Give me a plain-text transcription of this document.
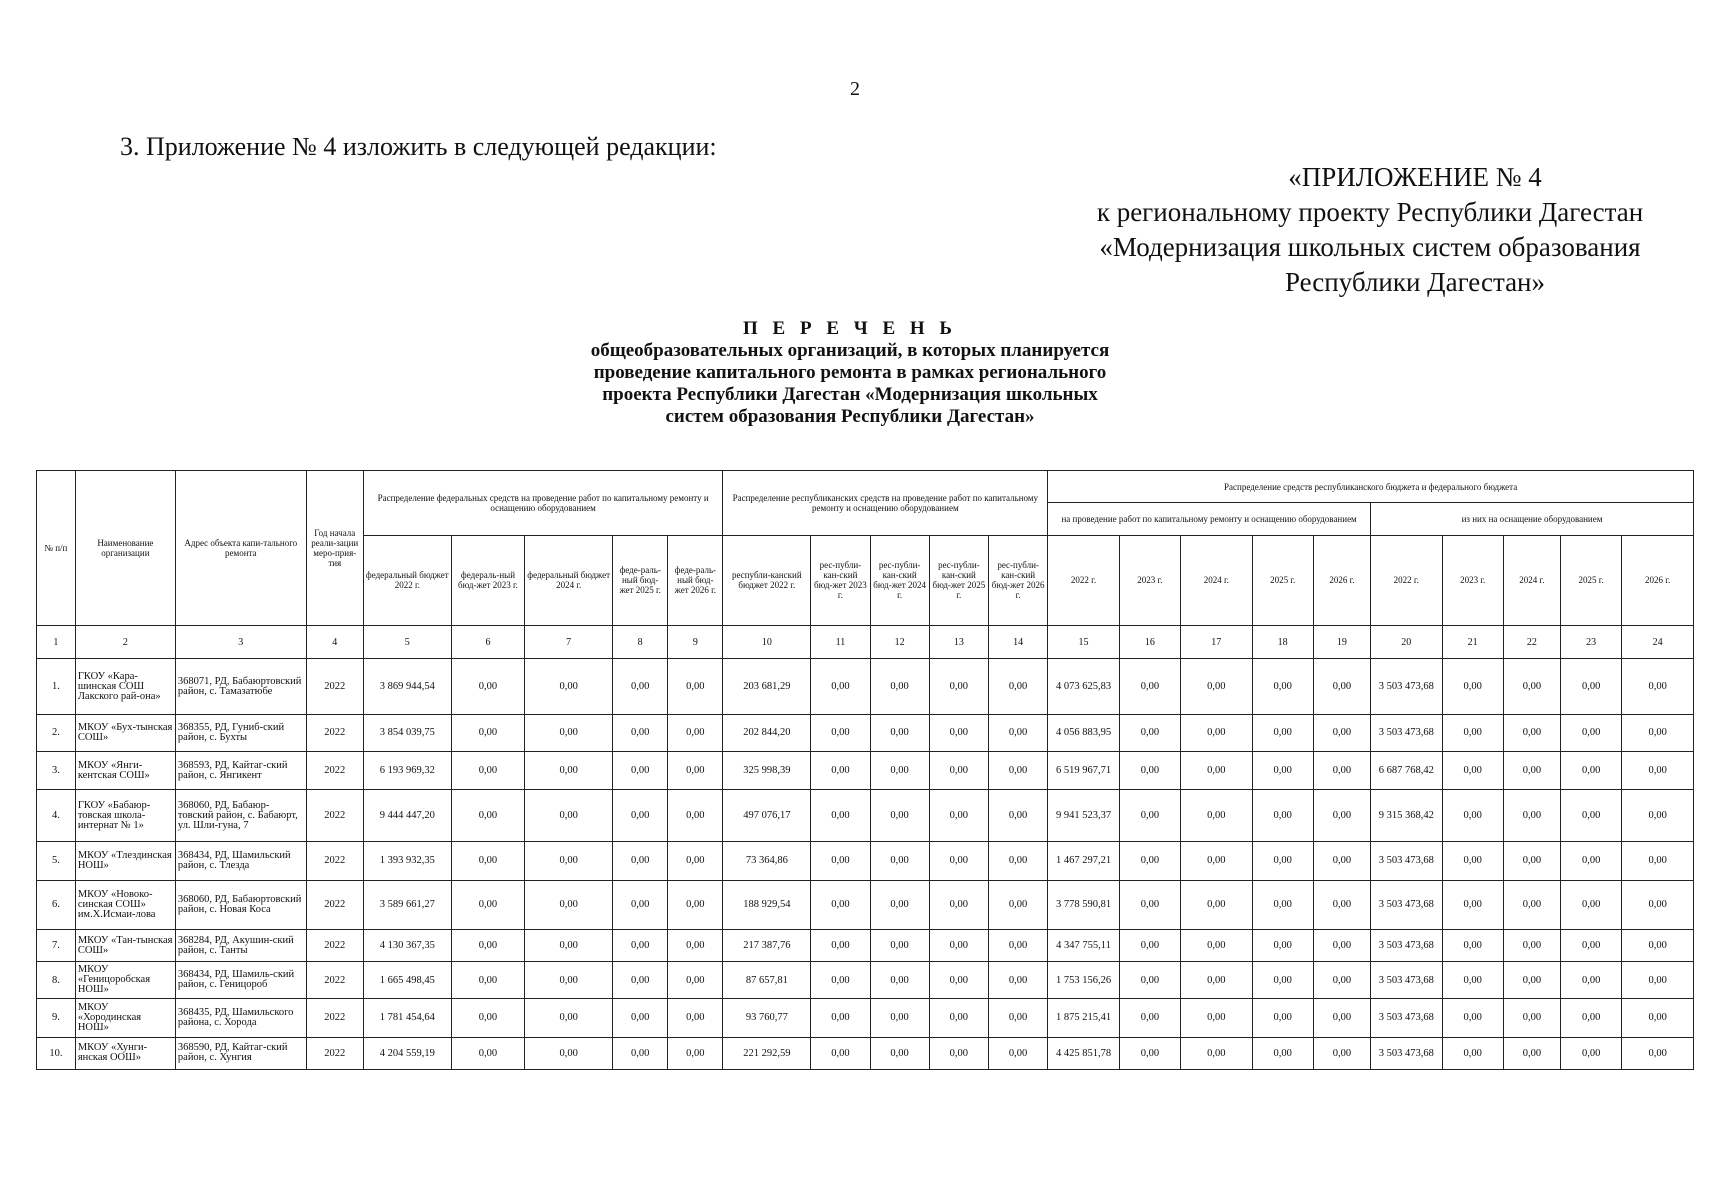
2
3. Приложение № 4 изложить в следующей редакции:
«ПРИЛОЖЕНИЕ № 4
к региональному проекту Республики Дагестан
«Модернизация школьных систем образования
Республики Дагестан»
П Е Р Е Ч Е Н Ь
общеобразовательных организаций, в которых планируется
проведение капитального ремонта в рамках регионального
проекта Республики Дагестан «Модернизация школьных
систем образования Республики Дагестан»
№ п/п	Наименование организации	Адрес объекта капи-тального ремонта	Год начала реали-зации меро-прия-тия	Распределение федеральных средств на проведение работ по капитальному ремонту и оснащению оборудованием					Распределение республиканских средств на проведение работ по капитальному ремонту и оснащению оборудованием					Распределение средств республиканского бюджета и федерального бюджета									
														на проведение работ по капитальному ремонту и оснащению оборудованием					из них на оснащение оборудованием				
				федеральный бюджет 2022 г.	федераль-ный бюд-жет 2023 г.	федеральный бюджет 2024 г.	феде-раль-ный бюд-жет 2025 г.	феде-раль-ный бюд-жет 2026 г.	республи-канский бюджет 2022 г.	рес-публи-кан-ский бюд-жет 2023 г.	рес-публи-кан-ский бюд-жет 2024 г.	рес-публи-кан-ский бюд-жет 2025 г.	рес-публи-кан-ский бюд-жет 2026 г.	2022 г.	2023 г.	2024 г.	2025 г.	2026 г.	2022 г.	2023 г.	2024 г.	2025 г.	2026 г.
1	2	3	4	5	6	7	8	9	10	11	12	13	14	15	16	17	18	19	20	21	22	23	24
1.	ГКОУ «Кара-шинская СОШ Лакского рай-она»	368071, РД, Бабаюртовский район, с. Тамазатюбе	2022	3 869 944,54	0,00	0,00	0,00	0,00	203 681,29	0,00	0,00	0,00	0,00	4 073 625,83	0,00	0,00	0,00	0,00	3 503 473,68	0,00	0,00	0,00	0,00
2.	МКОУ «Бух-тынская СОШ»	368355, РД, Гуниб-ский район, с. Бухты	2022	3 854 039,75	0,00	0,00	0,00	0,00	202 844,20	0,00	0,00	0,00	0,00	4 056 883,95	0,00	0,00	0,00	0,00	3 503 473,68	0,00	0,00	0,00	0,00
3.	МКОУ «Янги-кентская СОШ»	368593, РД, Кайтаг-ский район, с. Янгикент	2022	6 193 969,32	0,00	0,00	0,00	0,00	325 998,39	0,00	0,00	0,00	0,00	6 519 967,71	0,00	0,00	0,00	0,00	6 687 768,42	0,00	0,00	0,00	0,00
4.	ГКОУ «Бабаюр-товская школа-интернат № 1»	368060, РД, Бабаюр-товский район, с. Бабаюрт, ул. Шли-гуна, 7	2022	9 444 447,20	0,00	0,00	0,00	0,00	497 076,17	0,00	0,00	0,00	0,00	9 941 523,37	0,00	0,00	0,00	0,00	9 315 368,42	0,00	0,00	0,00	0,00
5.	МКОУ «Тлездинская НОШ»	368434, РД, Шамильский район, с. Тлезда	2022	1 393 932,35	0,00	0,00	0,00	0,00	73 364,86	0,00	0,00	0,00	0,00	1 467 297,21	0,00	0,00	0,00	0,00	3 503 473,68	0,00	0,00	0,00	0,00
6.	МКОУ «Новоко-синская СОШ» им.Х.Исмаи-лова	368060, РД, Бабаюртовский район, с. Новая Коса	2022	3 589 661,27	0,00	0,00	0,00	0,00	188 929,54	0,00	0,00	0,00	0,00	3 778 590,81	0,00	0,00	0,00	0,00	3 503 473,68	0,00	0,00	0,00	0,00
7.	МКОУ «Тан-тынская СОШ»	368284, РД, Акушин-ский район, с. Танты	2022	4 130 367,35	0,00	0,00	0,00	0,00	217 387,76	0,00	0,00	0,00	0,00	4 347 755,11	0,00	0,00	0,00	0,00	3 503 473,68	0,00	0,00	0,00	0,00
8.	МКОУ «Геницоробская НОШ»	368434, РД, Шамиль-ский район, с. Геницороб	2022	1 665 498,45	0,00	0,00	0,00	0,00	87 657,81	0,00	0,00	0,00	0,00	1 753 156,26	0,00	0,00	0,00	0,00	3 503 473,68	0,00	0,00	0,00	0,00
9.	МКОУ «Хородинская НОШ»	368435, РД, Шамильского района, с. Хорода	2022	1 781 454,64	0,00	0,00	0,00	0,00	93 760,77	0,00	0,00	0,00	0,00	1 875 215,41	0,00	0,00	0,00	0,00	3 503 473,68	0,00	0,00	0,00	0,00
10.	МКОУ «Хунги-янская ООШ»	368590, РД, Кайтаг-ский район, с. Хунгия	2022	4 204 559,19	0,00	0,00	0,00	0,00	221 292,59	0,00	0,00	0,00	0,00	4 425 851,78	0,00	0,00	0,00	0,00	3 503 473,68	0,00	0,00	0,00	0,00
